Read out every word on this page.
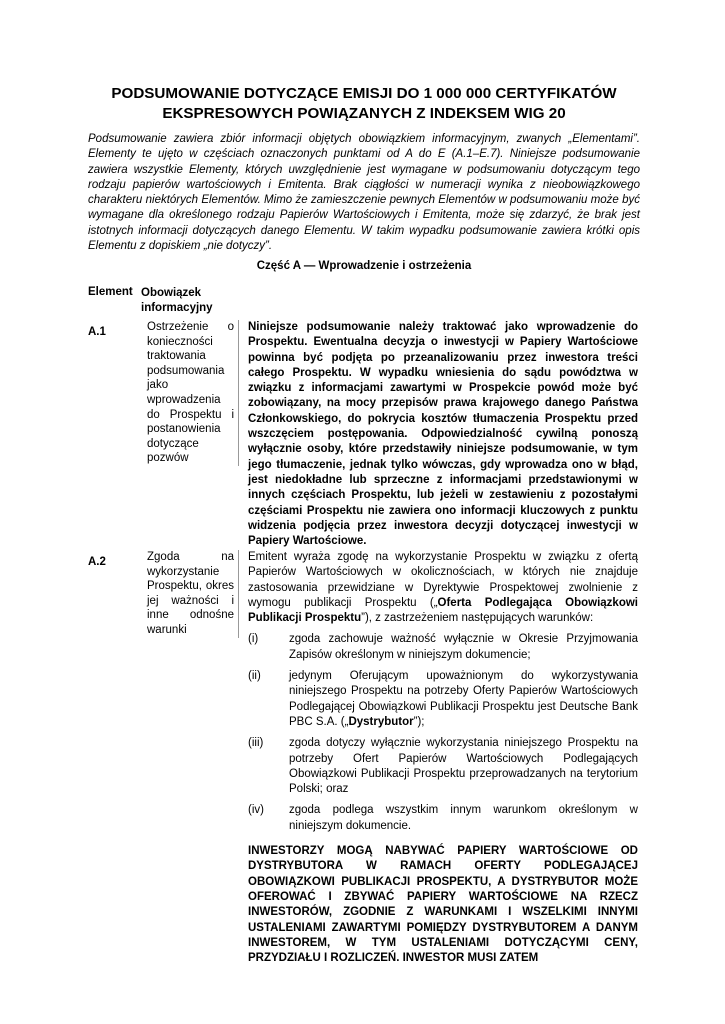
PODSUMOWANIE DOTYCZĄCE EMISJI DO 1 000 000 CERTYFIKATÓW EKSPRESOWYCH POWIĄZANYCH Z INDEKSEM WIG 20
Podsumowanie zawiera zbiór informacji objętych obowiązkiem informacyjnym, zwanych „Elementami”. Elementy te ujęto w częściach oznaczonych punktami od A do E (A.1–E.7). Niniejsze podsumowanie zawiera wszystkie Elementy, których uwzględnienie jest wymagane w podsumowaniu dotyczącym tego rodzaju papierów wartościowych i Emitenta. Brak ciągłości w numeracji wynika z nieobowiązkowego charakteru niektórych Elementów. Mimo że zamieszczenie pewnych Elementów w podsumowaniu może być wymagane dla określonego rodzaju Papierów Wartościowych i Emitenta, może się zdarzyć, że brak jest istotnych informacji dotyczących danego Elementu. W takim wypadku podsumowanie zawiera krótki opis Elementu z dopiskiem „nie dotyczy”.
Część A — Wprowadzenie i ostrzeżenia
Element Obowiązek informacyjny
A.1	Ostrzeżenie o konieczności traktowania podsumowania jako wprowadzenia do Prospektu i postanowienia dotyczące pozwów
Niniejsze podsumowanie należy traktować jako wprowadzenie do Prospektu. Ewentualna decyzja o inwestycji w Papiery Wartościowe powinna być podjęta po przeanalizowaniu przez inwestora treści całego Prospektu. W wypadku wniesienia do sądu powództwa w związku z informacjami zawartymi w Prospekcie powód może być zobowiązany, na mocy przepisów prawa krajowego danego Państwa Członkowskiego, do pokrycia kosztów tłumaczenia Prospektu przed wszczęciem postępowania. Odpowiedzialność cywilną ponoszą wyłącznie osoby, które przedstawiły niniejsze podsumowanie, w tym jego tłumaczenie, jednak tylko wówczas, gdy wprowadza ono w błąd, jest niedokładne lub sprzeczne z informacjami przedstawionymi w innych częściach Prospektu, lub jeżeli w zestawieniu z pozostałymi częściami Prospektu nie zawiera ono informacji kluczowych z punktu widzenia podjęcia przez inwestora decyzji dotyczącej inwestycji w Papiery Wartościowe.
A.2	Zgoda na wykorzystanie Prospektu, okres jej ważności i inne odnośne warunki
Emitent wyraża zgodę na wykorzystanie Prospektu w związku z ofertą Papierów Wartościowych w okolicznościach, w których nie znajduje zastosowania przewidziane w Dyrektywie Prospektowej zwolnienie z wymogu publikacji Prospektu („Oferta Podlegająca Obowiązkowi Publikacji Prospektu”), z zastrzeżeniem następujących warunków:
(i)	zgoda zachowuje ważność wyłącznie w Okresie Przyjmowania Zapisów określonym w niniejszym dokumencie;
(ii)	jedynym Oferującym upoważnionym do wykorzystywania niniejszego Prospektu na potrzeby Oferty Papierów Wartościowych Podlegającej Obowiązkowi Publikacji Prospektu jest Deutsche Bank PBC S.A. („Dystrybutor”);
(iii)	zgoda dotyczy wyłącznie wykorzystania niniejszego Prospektu na potrzeby Ofert Papierów Wartościowych Podlegających Obowiązkowi Publikacji Prospektu przeprowadzanych na terytorium Polski; oraz
(iv)	zgoda podlega wszystkim innym warunkom określonym w niniejszym dokumencie.
INWESTORZY MOGĄ NABYWAĆ PAPIERY WARTOŚCIOWE OD DYSTRYBUTORA W RAMACH OFERTY PODLEGAJĄCEJ OBOWIĄZKOWI PUBLIKACJI PROSPEKTU, A DYSTRYBUTOR MOŻE OFEROWAĆ I ZBYWAĆ PAPIERY WARTOŚCIOWE NA RZECZ INWESTORÓW, ZGODNIE Z WARUNKAMI I WSZELKIMI INNYMI USTALENIAMI ZAWARTYMI POMIĘDZY DYSTRYBUTOREM A DANYM INWESTOREM, W TYM USTALENIAMI DOTYCZĄCYMI CENY, PRZYDZIAŁU I ROZLICZEŃ. INWESTOR MUSI ZATEM
